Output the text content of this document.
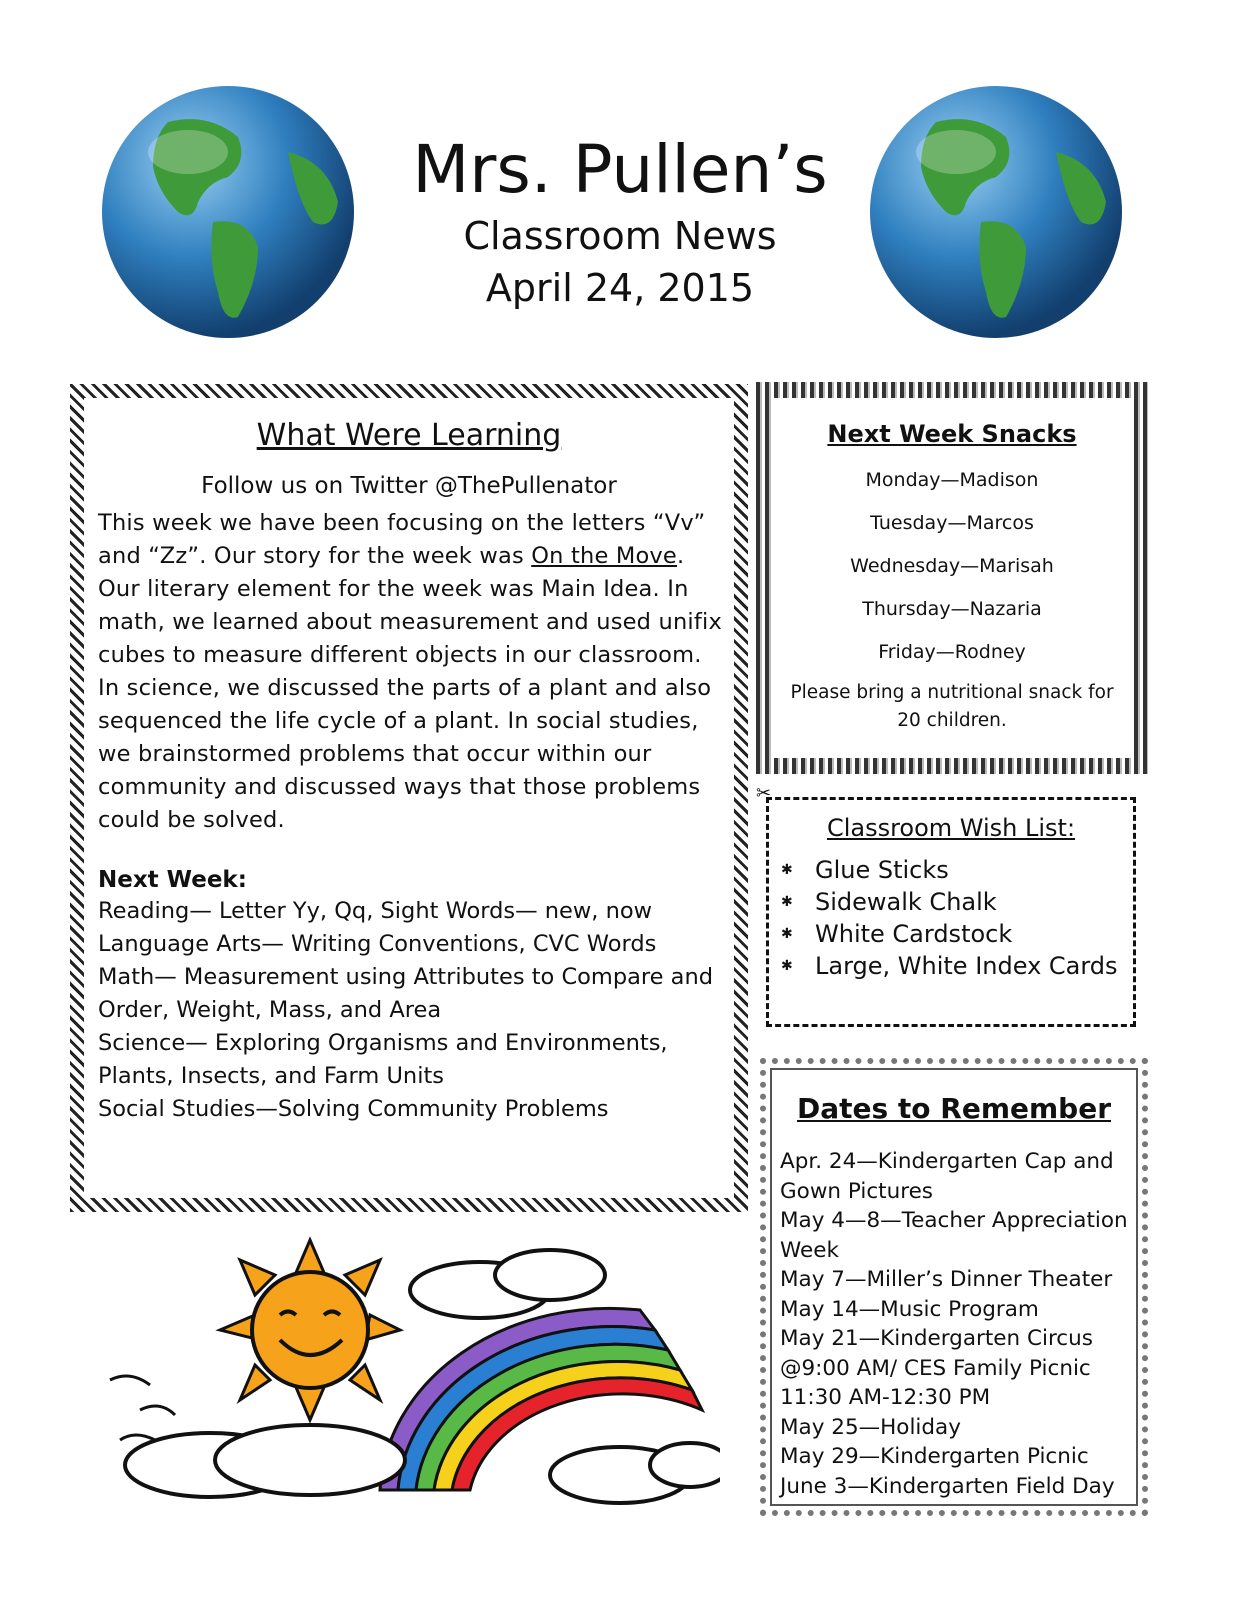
Mrs. Pullen’s
Classroom News
April 24, 2015
What Were Learning
Follow us on Twitter @ThePullenator
This week we have been focusing on the letters “Vv” and “Zz”. Our story for the week was On the Move. Our literary element for the week was Main Idea. In math, we learned about measurement and used unifix cubes to measure different objects in our classroom. In science, we discussed the parts of a plant and also sequenced the life cycle of a plant. In social studies, we brainstormed problems that occur within our community and discussed ways that those problems could be solved.
Next Week:
Reading— Letter Yy, Qq, Sight Words— new, now
Language Arts— Writing Conventions, CVC Words
Math— Measurement using Attributes to Compare and Order, Weight, Mass, and Area
Science— Exploring Organisms and Environments, Plants, Insects, and Farm Units
Social Studies—Solving Community Problems
Next Week Snacks
Monday—Madison
Tuesday—Marcos
Wednesday—Marisah
Thursday—Nazaria
Friday—Rodney
Please bring a nutritional snack for 20 children.
✂
Classroom Wish List:
✱ Glue Sticks
✱ Sidewalk Chalk
✱ White Cardstock
✱ Large, White Index Cards
Dates to Remember
Apr. 24—Kindergarten Cap and Gown Pictures
May 4—8—Teacher Appreciation Week
May 7—Miller’s Dinner Theater
May 14—Music Program
May 21—Kindergarten Circus @9:00 AM/ CES Family Picnic 11:30 AM-12:30 PM
May 25—Holiday
May 29—Kindergarten Picnic
June 3—Kindergarten Field Day
